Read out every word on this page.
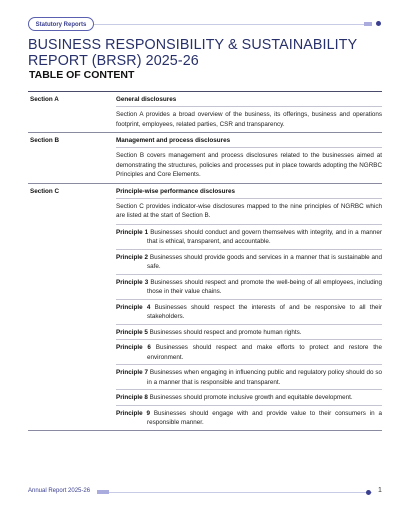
Statutory Reports
BUSINESS RESPONSIBILITY & SUSTAINABILITY REPORT (BRSR) 2025-26
TABLE OF CONTENT
Section A	General disclosures
Section A provides a broad overview of the business, its offerings, business and operations footprint, employees, related parties, CSR and transparency.
Section B	Management and process disclosures
Section B covers management and process disclosures related to the businesses aimed at demonstrating the structures, policies and processes put in place towards adopting the NGRBC Principles and Core Elements.
Section C	Principle-wise performance disclosures
Section C provides indicator-wise disclosures mapped to the nine principles of NGRBC which are listed at the start of Section B.
Principle 1 Businesses should conduct and govern themselves with integrity, and in a manner that is ethical, transparent, and accountable.
Principle 2 Businesses should provide goods and services in a manner that is sustainable and safe.
Principle 3 Businesses should respect and promote the well-being of all employees, including those in their value chains.
Principle 4 Businesses should respect the interests of and be responsive to all their stakeholders.
Principle 5 Businesses should respect and promote human rights.
Principle 6 Businesses should respect and make efforts to protect and restore the environment.
Principle 7 Businesses when engaging in influencing public and regulatory policy should do so in a manner that is responsible and transparent.
Principle 8 Businesses should promote inclusive growth and equitable development.
Principle 9 Businesses should engage with and provide value to their consumers in a responsible manner.
Annual Report 2025-26	1
